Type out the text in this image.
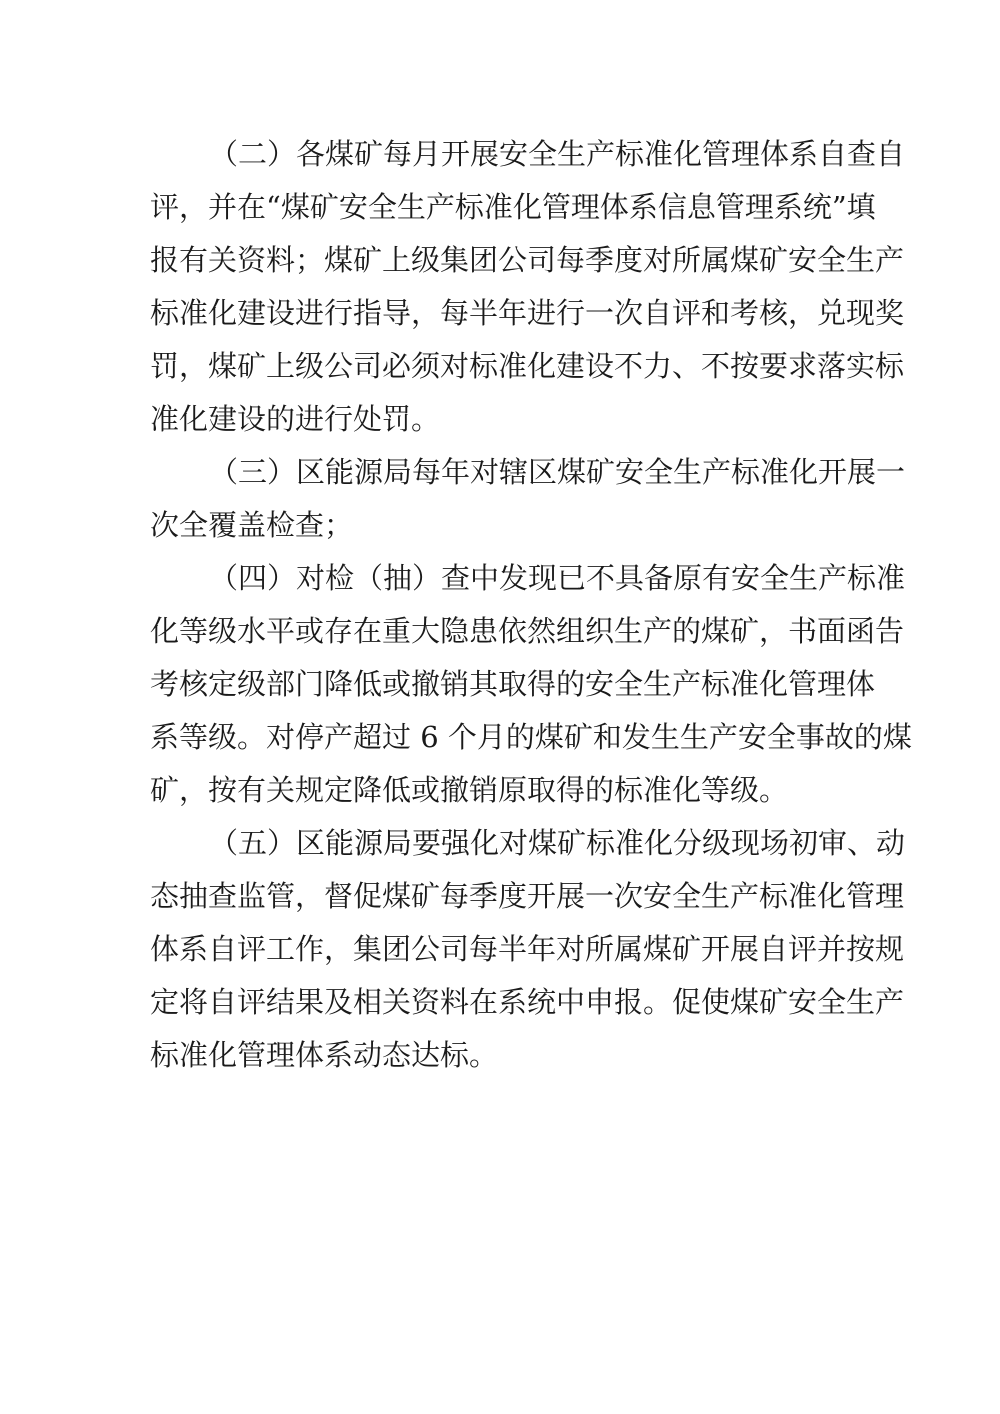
（二）各煤矿每月开展安全生产标准化管理体系自查自

评，并在“煤矿安全生产标准化管理体系信息管理系统”填

报有关资料；煤矿上级集团公司每季度对所属煤矿安全生产

标准化建设进行指导，每半年进行一次自评和考核，兑现奖

罚，煤矿上级公司必须对标准化建设不力、不按要求落实标

准化建设的进行处罚。

（三）区能源局每年对辖区煤矿安全生产标准化开展一

次全覆盖检查；

（四）对检（抽）查中发现已不具备原有安全生产标准

化等级水平或存在重大隐患依然组织生产的煤矿，书面函告

考核定级部门降低或撤销其取得的安全生产标准化管理体

系等级。对停产超过 6 个月的煤矿和发生生产安全事故的煤

矿，按有关规定降低或撤销原取得的标准化等级。

（五）区能源局要强化对煤矿标准化分级现场初审、动

态抽查监管，督促煤矿每季度开展一次安全生产标准化管理

体系自评工作，集团公司每半年对所属煤矿开展自评并按规

定将自评结果及相关资料在系统中申报。促使煤矿安全生产

标准化管理体系动态达标。
